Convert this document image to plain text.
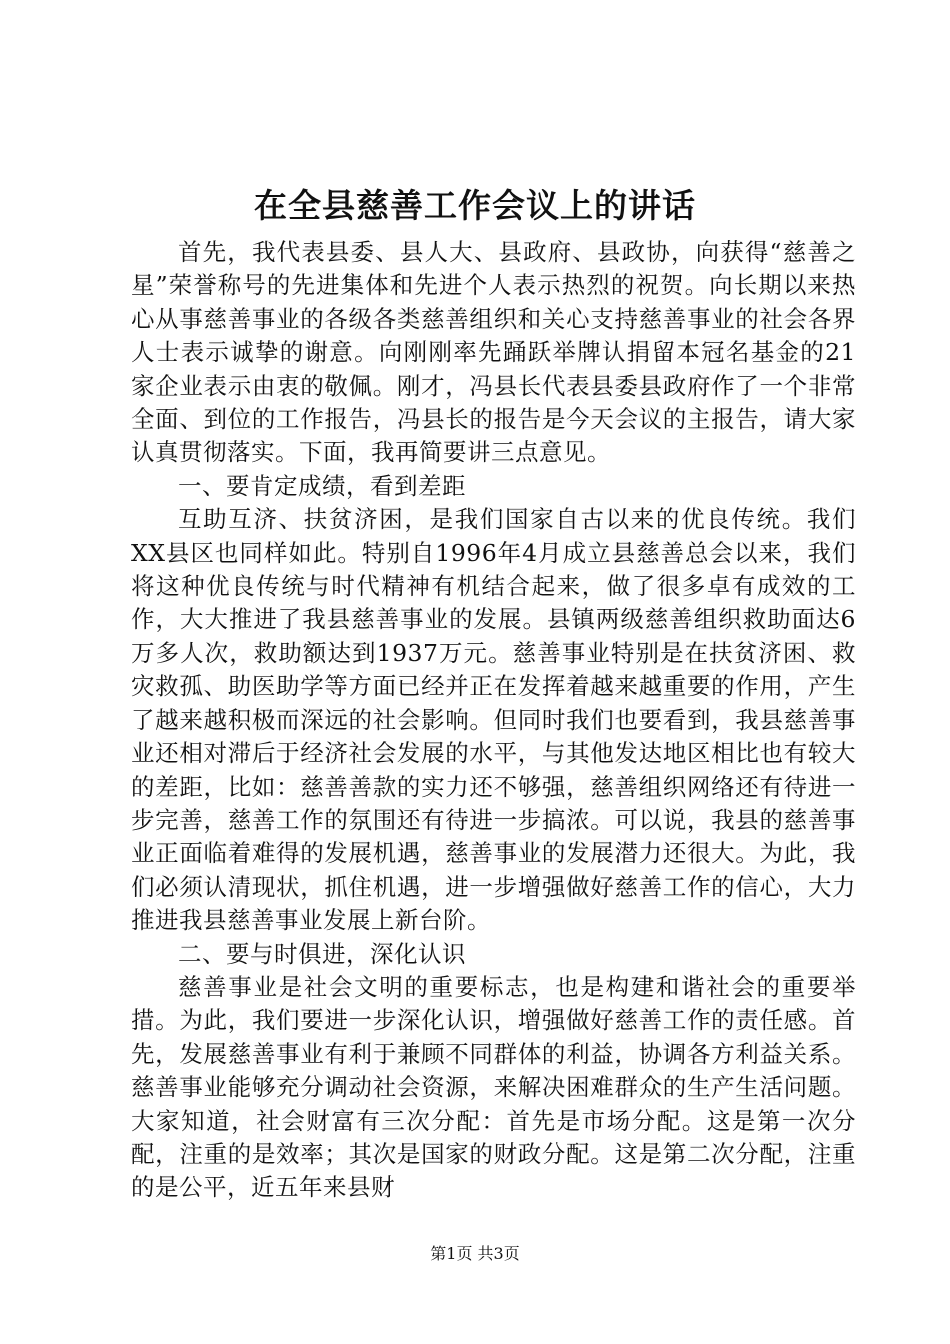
在全县慈善工作会议上的讲话

首先，我代表县委、县人大、县政府、县政协，向获得“慈善之星”荣誉称号的先进集体和先进个人表示热烈的祝贺。向长期以来热心从事慈善事业的各级各类慈善组织和关心支持慈善事业的社会各界人士表示诚挚的谢意。向刚刚率先踊跃举牌认捐留本冠名基金的21家企业表示由衷的敬佩。刚才，冯县长代表县委县政府作了一个非常全面、到位的工作报告，冯县长的报告是今天会议的主报告，请大家认真贯彻落实。下面，我再简要讲三点意见。

一、要肯定成绩，看到差距

互助互济、扶贫济困，是我们国家自古以来的优良传统。我们XX县区也同样如此。特别自1996年4月成立县慈善总会以来，我们将这种优良传统与时代精神有机结合起来，做了很多卓有成效的工作，大大推进了我县慈善事业的发展。县镇两级慈善组织救助面达6万多人次，救助额达到1937万元。慈善事业特别是在扶贫济困、救灾救孤、助医助学等方面已经并正在发挥着越来越重要的作用，产生了越来越积极而深远的社会影响。但同时我们也要看到，我县慈善事业还相对滞后于经济社会发展的水平，与其他发达地区相比也有较大的差距，比如：慈善善款的实力还不够强，慈善组织网络还有待进一步完善，慈善工作的氛围还有待进一步搞浓。可以说，我县的慈善事业正面临着难得的发展机遇，慈善事业的发展潜力还很大。为此，我们必须认清现状，抓住机遇，进一步增强做好慈善工作的信心，大力推进我县慈善事业发展上新台阶。

二、要与时俱进，深化认识

慈善事业是社会文明的重要标志，也是构建和谐社会的重要举措。为此，我们要进一步深化认识，增强做好慈善工作的责任感。首先，发展慈善事业有利于兼顾不同群体的利益，协调各方利益关系。慈善事业能够充分调动社会资源，来解决困难群众的生产生活问题。大家知道，社会财富有三次分配：首先是市场分配。这是第一次分配，注重的是效率；其次是国家的财政分配。这是第二次分配，注重的是公平，近五年来县财

第1页 共3页
